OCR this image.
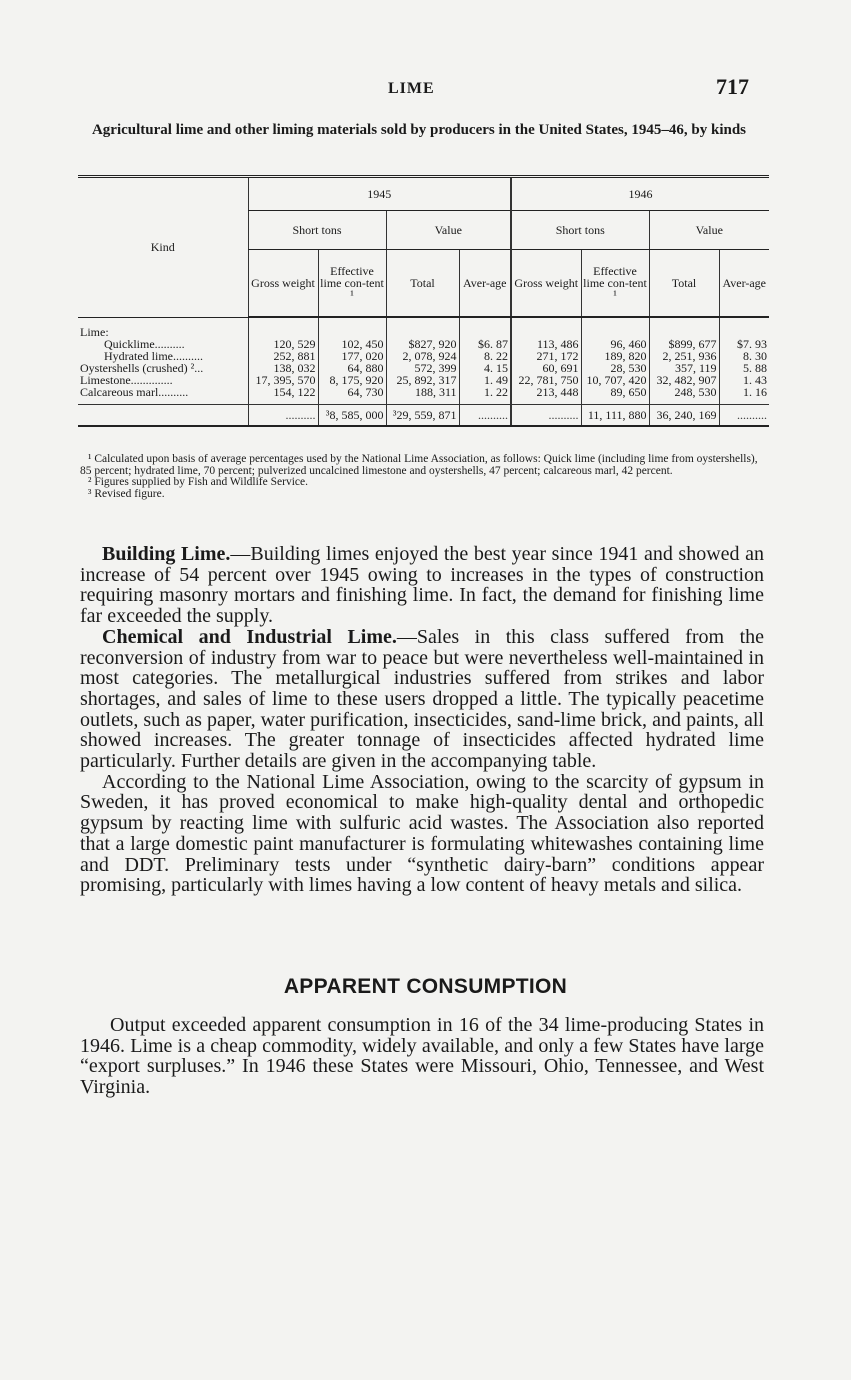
LIME	717
Agricultural lime and other liming materials sold by producers in the United States, 1945–46, by kinds
Kind	1945				1946			
	Short tons		Value		Short tons		Value	
	Gross weight	Effective lime con-tent ¹	Total	Aver-age	Gross weight	Effective lime con-tent ¹	Total	Aver-age

Lime:								
Quicklime..........	120, 529	102, 450	$827, 920	$6. 87	113, 486	96, 460	$899, 677	$7. 93
Hydrated lime..........	252, 881	177, 020	2, 078, 924	8. 22	271, 172	189, 820	2, 251, 936	8. 30
Oystershells (crushed) ²...	138, 032	64, 880	572, 399	4. 15	60, 691	28, 530	357, 119	5. 88
Limestone..............	17, 395, 570	8, 175, 920	25, 892, 317	1. 49	22, 781, 750	10, 707, 420	32, 482, 907	1. 43
Calcareous marl..........	154, 122	64, 730	188, 311	1. 22	213, 448	89, 650	248, 530	1. 16
	..........	³8, 585, 000	³29, 559, 871	..........	..........	11, 111, 880	36, 240, 169	..........

¹ Calculated upon basis of average percentages used by the National Lime Association, as follows: Quick lime (including lime from oystershells), 85 percent; hydrated lime, 70 percent; pulverized uncalcined limestone and oystershells, 47 percent; calcareous marl, 42 percent.

² Figures supplied by Fish and Wildlife Service.

³ Revised figure.

Building Lime.—Building limes enjoyed the best year since 1941 and showed an increase of 54 percent over 1945 owing to increases in the types of construction requiring masonry mortars and finishing lime. In fact, the demand for finishing lime far exceeded the supply.

Chemical and Industrial Lime.—Sales in this class suffered from the reconversion of industry from war to peace but were nevertheless well-maintained in most categories. The metallurgical industries suffered from strikes and labor shortages, and sales of lime to these users dropped a little. The typically peacetime outlets, such as paper, water purification, insecticides, sand-lime brick, and paints, all showed increases. The greater tonnage of insecticides affected hydrated lime particularly. Further details are given in the accompanying table.

According to the National Lime Association, owing to the scarcity of gypsum in Sweden, it has proved economical to make high-quality dental and orthopedic gypsum by reacting lime with sulfuric acid wastes. The Association also reported that a large domestic paint manufacturer is formulating whitewashes containing lime and DDT. Preliminary tests under “synthetic dairy-barn” conditions appear promising, particularly with limes having a low content of heavy metals and silica.

APPARENT CONSUMPTION

Output exceeded apparent consumption in 16 of the 34 lime-producing States in 1946. Lime is a cheap commodity, widely available, and only a few States have large “export surpluses.” In 1946 these States were Missouri, Ohio, Tennessee, and West Virginia.
